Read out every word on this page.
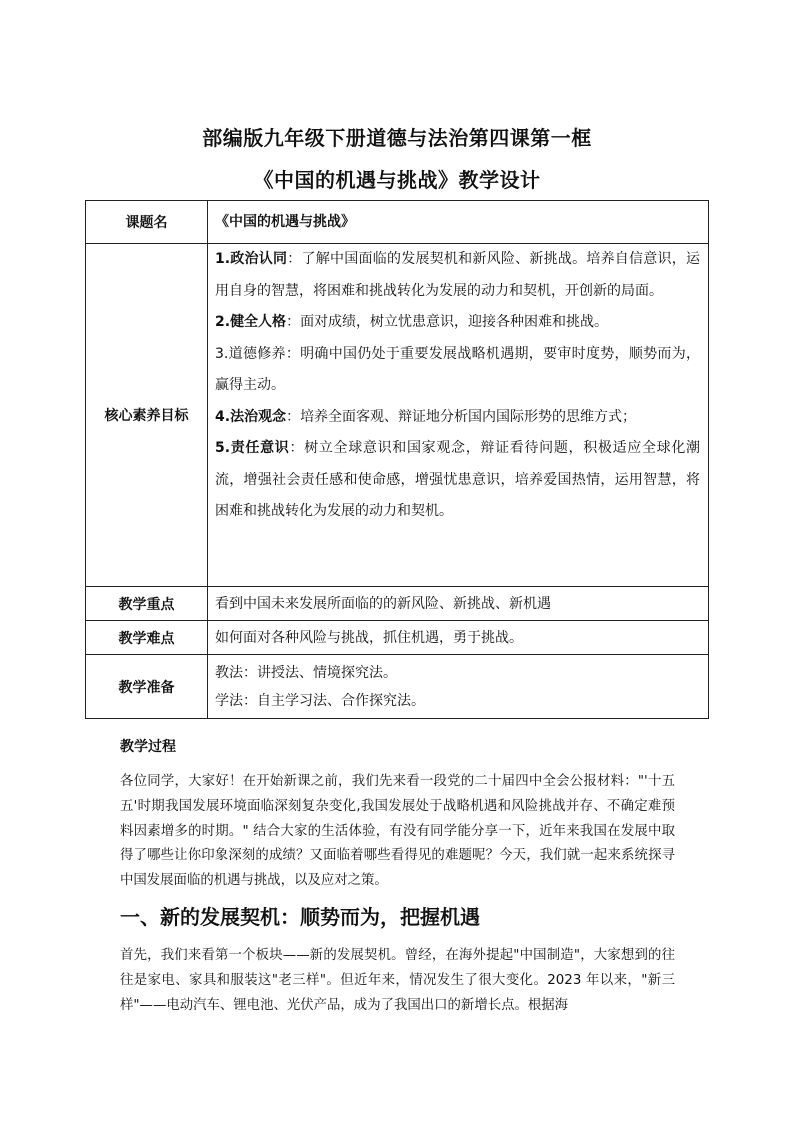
部编版九年级下册道德与法治第四课第一框
《中国的机遇与挑战》教学设计
课题名	《中国的机遇与挑战》
核心素养目标	1.政治认同：了解中国面临的发展契机和新风险、新挑战。培养自信意识，运用自身的智慧，将困难和挑战转化为发展的动力和契机，开创新的局面。
2.健全人格：面对成绩，树立忧患意识，迎接各种困难和挑战。
3.道德修养：明确中国仍处于重要发展战略机遇期，要审时度势，顺势而为，赢得主动。
4.法治观念：培养全面客观、辩证地分析国内国际形势的思维方式；
5.责任意识：树立全球意识和国家观念，辩证看待问题，积极适应全球化潮流，增强社会责任感和使命感，增强忧患意识，培养爱国热情，运用智慧，将困难和挑战转化为发展的动力和契机。

教学重点	看到中国未来发展所面临的的新风险、新挑战、新机遇
教学难点	如何面对各种风险与挑战，抓住机遇，勇于挑战。
教学准备	教法：讲授法、情境探究法。
学法：自主学习法、合作探究法。
教学过程
各位同学，大家好！在开始新课之前，我们先来看一段党的二十届四中全会公报材料："'十五五'时期我国发展环境面临深刻复杂变化,我国发展处于战略机遇和风险挑战并存、不确定难预料因素增多的时期。" 结合大家的生活体验，有没有同学能分享一下，近年来我国在发展中取得了哪些让你印象深刻的成绩？又面临着哪些看得见的难题呢？今天，我们就一起来系统探寻中国发展面临的机遇与挑战，以及应对之策。
一、新的发展契机：顺势而为，把握机遇
首先，我们来看第一个板块——新的发展契机。曾经，在海外提起"中国制造"，大家想到的往往是家电、家具和服装这"老三样"。但近年来，情况发生了很大变化。2023 年以来，"新三样"——电动汽车、锂电池、光伏产品，成为了我国出口的新增长点。根据海
